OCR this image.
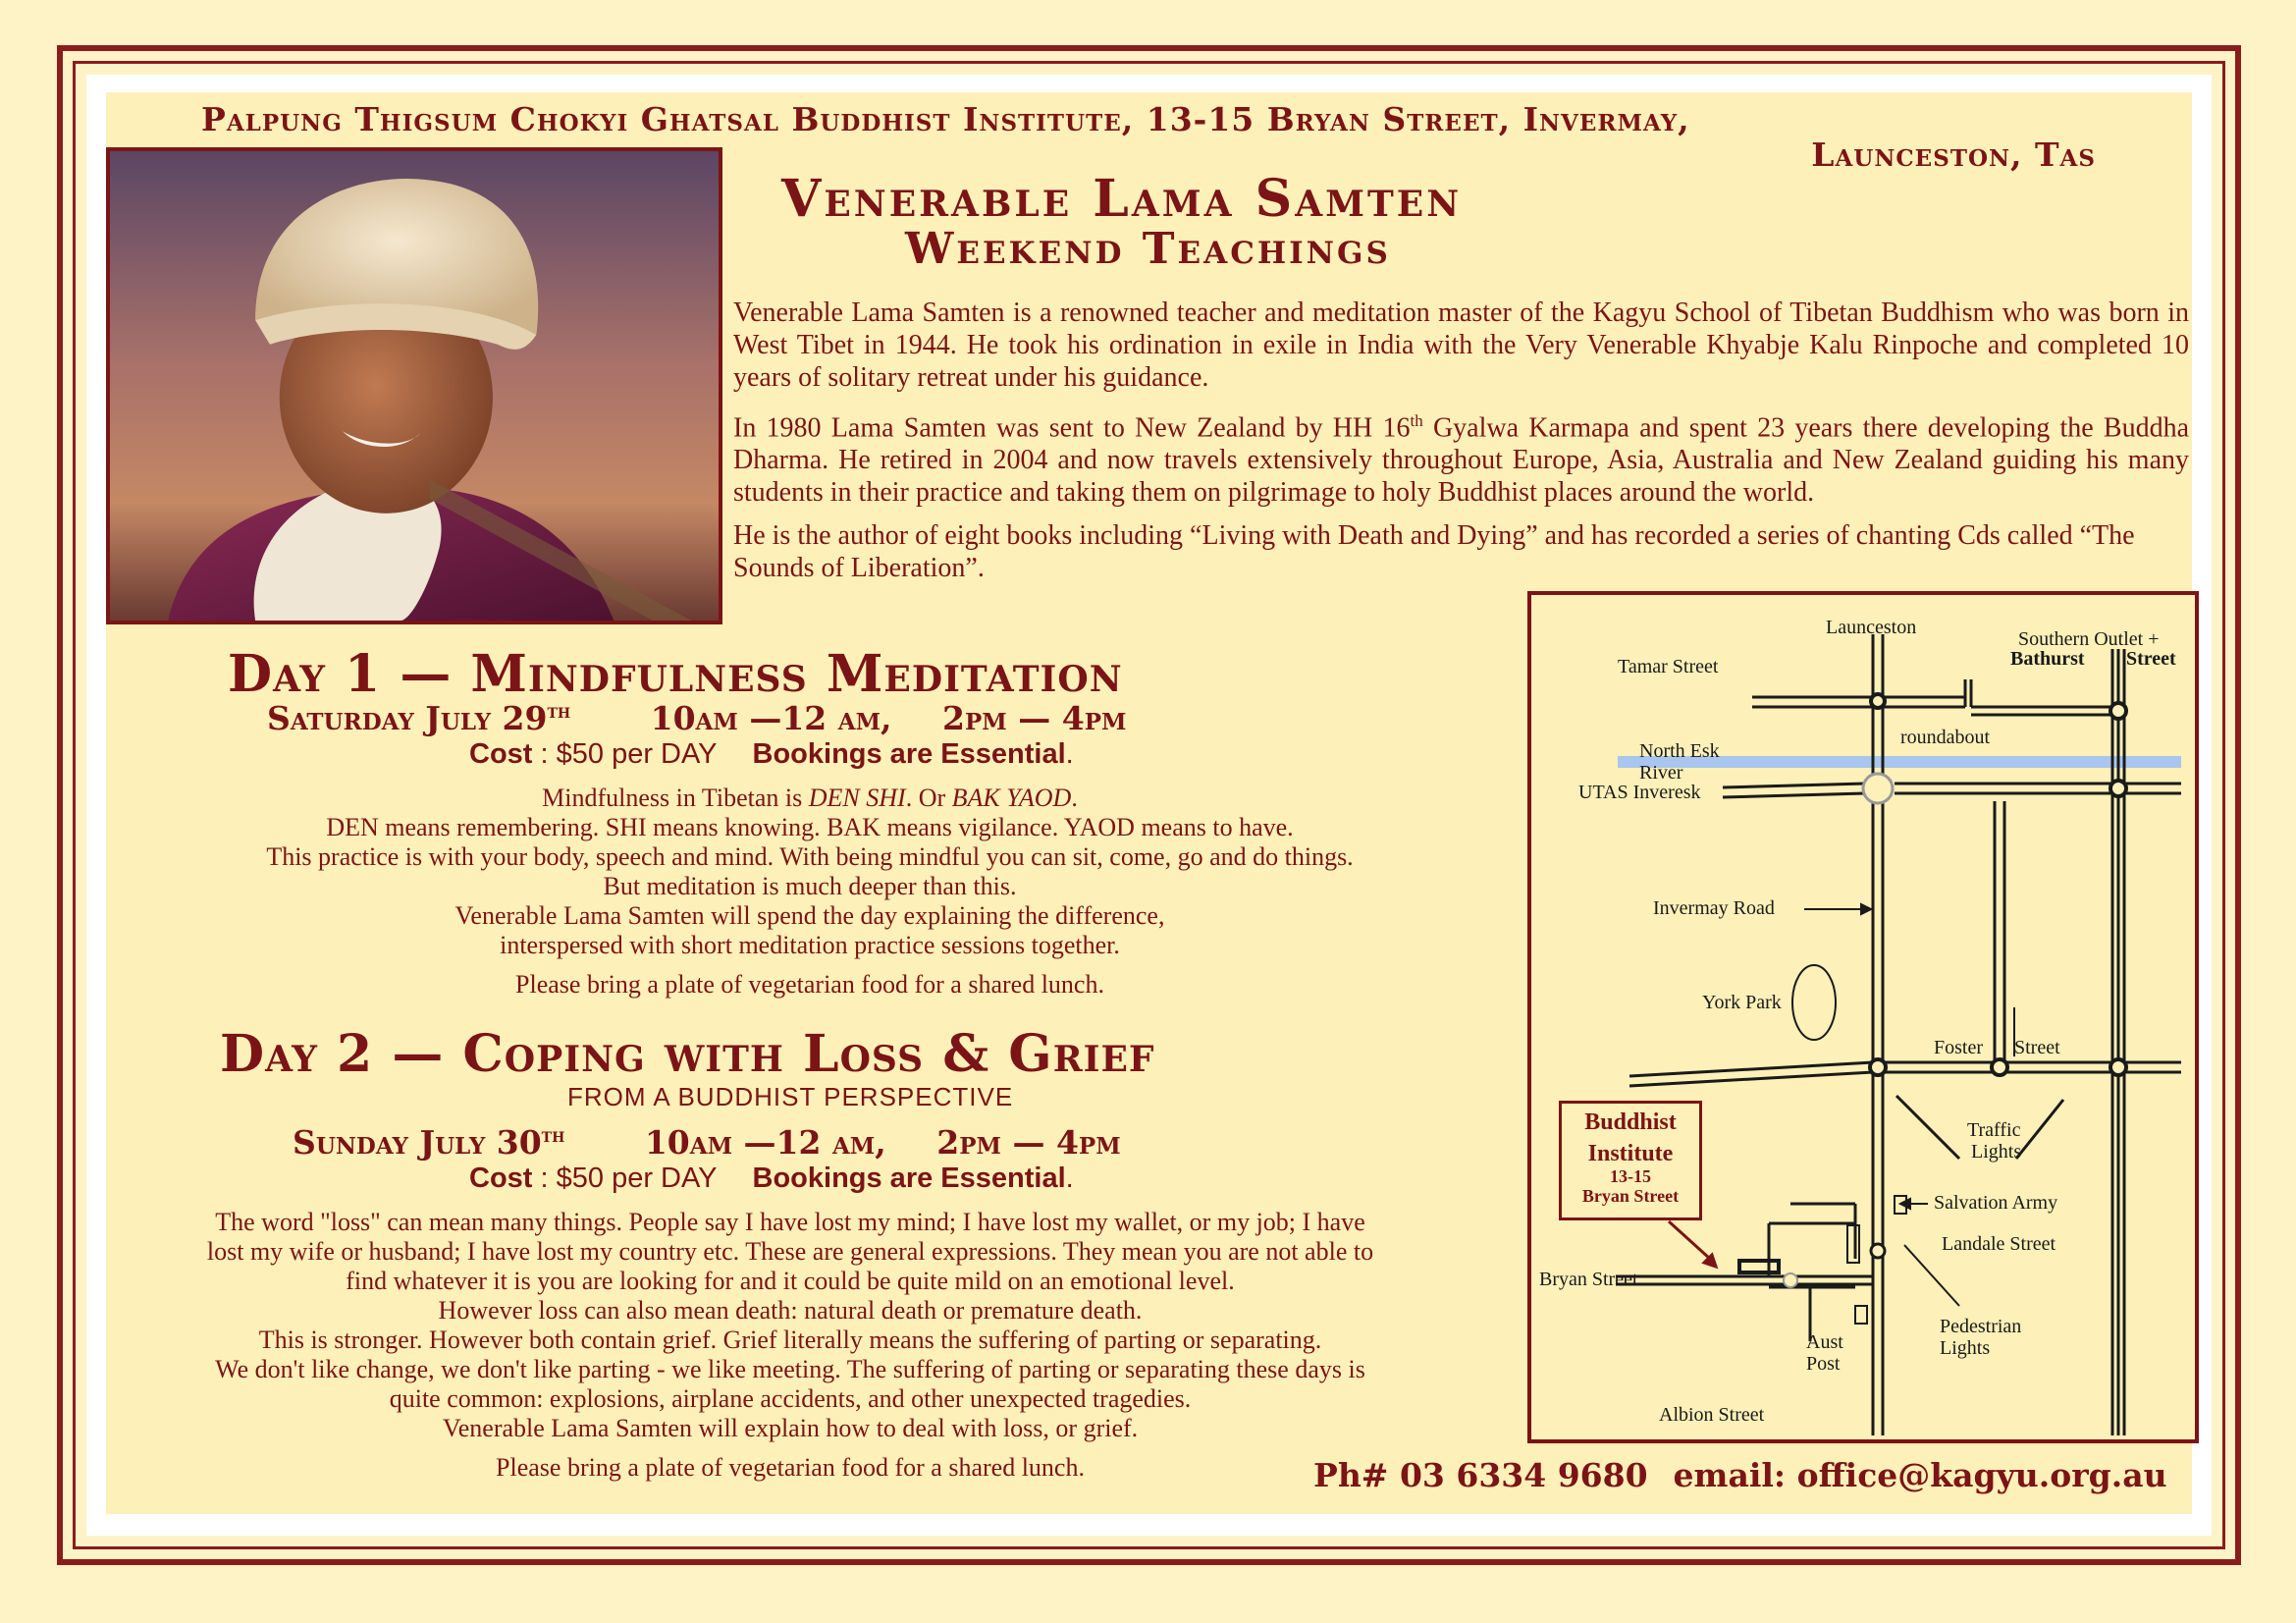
Palpung Thigsum Chokyi Ghatsal Buddhist Institute, 13-15 Bryan Street, Invermay,
Launceston, Tas
Venerable Lama Samten
Weekend Teachings

Venerable Lama Samten is a renowned teacher and meditation master of the Kagyu School of Tibetan Buddhism who was born in West Tibet in 1944. He took his ordination in exile in India with the Very Venerable Khyabje Kalu Rinpoche and completed 10 years of solitary retreat under his guidance.

In 1980 Lama Samten was sent to New Zealand by HH 16th Gyalwa Karmapa and spent 23 years there developing the Buddha Dharma. He retired in 2004 and now travels extensively throughout Europe, Asia, Australia and New Zealand guiding his many students in their practice and taking them on pilgrimage to holy Buddhist places around the world.

He is the author of eight books including “Living with Death and Dying” and has recorded a series of chanting Cds called “The Sounds of Liberation”.

Day 1 — Mindfulness Meditation
Saturday July 29th 10am —12 am, 2pm — 4pm
Cost : $50 per DAY Bookings are Essential.
Mindfulness in Tibetan is DEN SHI. Or BAK YAOD.
DEN means remembering. SHI means knowing. BAK means vigilance. YAOD means to have.
This practice is with your body, speech and mind. With being mindful you can sit, come, go and do things.
But meditation is much deeper than this.
Venerable Lama Samten will spend the day explaining the difference,
interspersed with short meditation practice sessions together.
Please bring a plate of vegetarian food for a shared lunch.
Day 2 — Coping with Loss & Grief
FROM A BUDDHIST PERSPECTIVE
Sunday July 30th 10am —12 am, 2pm — 4pm
Cost : $50 per DAY Bookings are Essential.
The word "loss" can mean many things. People say I have lost my mind; I have lost my wallet, or my job; I have
lost my wife or husband; I have lost my country etc. These are general expressions. They mean you are not able to
find whatever it is you are looking for and it could be quite mild on an emotional level.
However loss can also mean death: natural death or premature death.
This is stronger. However both contain grief. Grief literally means the suffering of parting or separating.
We don't like change, we don't like parting - we like meeting. The suffering of parting or separating these days is
quite common: explosions, airplane accidents, and other unexpected tragedies.
Venerable Lama Samten will explain how to deal with loss, or grief.
Please bring a plate of vegetarian food for a shared lunch.
Launceston
Southern Outlet +
Bathurst Street
Tamar Street
North Esk
River
roundabout
UTAS Inveresk
Invermay Road
York Park
Foster Street
Buddhist
Institute
13-15
Bryan Street
Traffic
Lights
Salvation Army
Landale Street
Bryan Street
Pedestrian
Lights
Aust
Post
Albion Street
Ph# 03 6334 9680 email: office@kagyu.org.au
